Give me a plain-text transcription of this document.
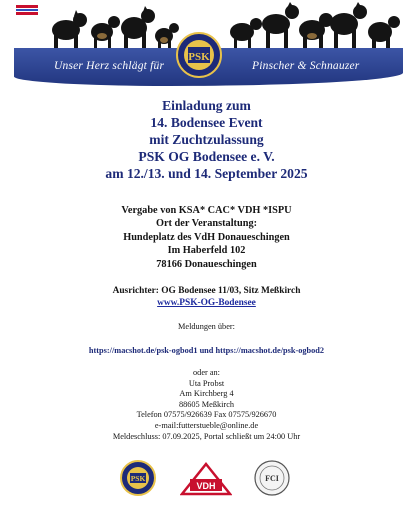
Unser Herz schlägt für	Pinscher & Schnauzer
PSK
Einladung zum
14. Bodensee Event
mit Zuchtzulassung
PSK OG Bodensee e. V.
am 12./13. und 14. September 2025
Vergabe von KSA* CAC* VDH *ISPU
Ort der Veranstaltung:
Hundeplatz des VdH Donaueschingen
Im Haberfeld 102
78166 Donaueschingen
Ausrichter: OG Bodensee 11/03, Sitz Meßkirch
www.PSK-OG-Bodensee
Meldungen über:
https://macshot.de/psk-ogbod1 und https://macshot.de/psk-ogbod2
oder an:
Uta Probst
Am Kirchberg 4
88605 Meßkirch
Telefon 07575/926639 Fax 07575/926670
e-mail:futterstueble@online.de
Meldeschluss: 07.09.2025, Portal schließt um 24:00 Uhr
PSK
VDH
FCI
